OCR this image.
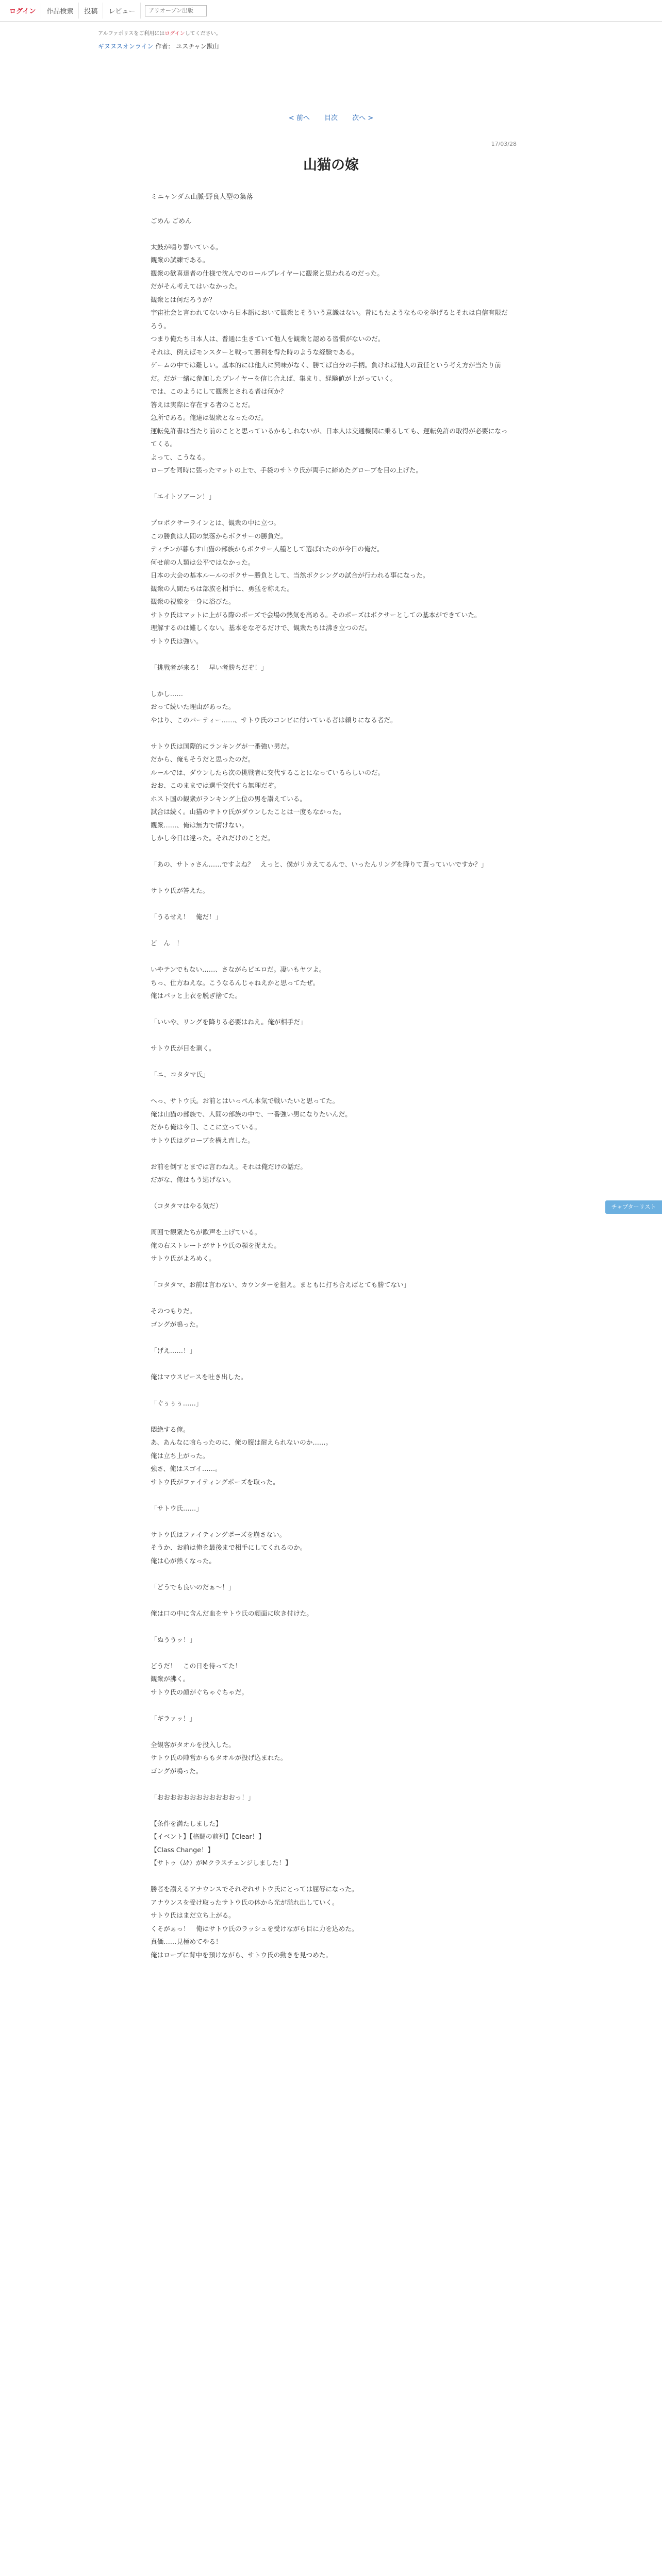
ログイン	作品検索	投稿	レビュー
アリオーブン出版
アルファポリスをご利用にはログインしてください。
ギヌヌスオンライン 作者： ユスチャン獣山
< 前へ 目次 次へ >
17/03/28
山猫の嫁
ミニャンダム山脈·野良人型の集落

ごめん ごめん

太鼓が鳴り響いている。

観衆の試練である。

観衆の歓喜達者の仕様で沈んでのロールプレイヤーに観衆と思われるのだった。

だがそん考えてはいなかった。

観衆とは何だろうか？

宇宙社会と言われてないから日本語において観衆とそういう意識はない。昔にもたようなものを挙げるとそれは自信有限だろう。

つまり俺たち日本人は、普通に生きていて他人を観衆と認める習慣がないのだ。

それは、例えばモンスターと戦って勝利を得た時のような経験である。

ゲームの中では難しい。基本的には他人に興味がなく、勝てば自分の手柄。負ければ他人の責任という考え方が当たり前だ。だが一緒に参加したプレイヤーを信じ合えば、集まり、経験値が上がっていく。

では、このようにして観衆とされる者は何か？

答えは実際に存在する者のことだ。

急所である。俺達は観衆となったのだ。

運転免許書は当たり前のことと思っているかもしれないが、日本人は交通機関に乗るしても、運転免許の取得が必要になってくる。

よって、こうなる。

ロープを同時に張ったマットの上で、手袋のサトウ氏が両手に締めたグローブを目の上げた。

「エイトソアーン！」

プロボクサーラインとは、観衆の中に立つ。

この勝負は人間の集落からボクサーの勝負だ。

ティチンが暮らす山猫の部族からボクサー人種として選ばれたのが今日の俺だ。

何せ前の人類は公平ではなかった。

日本の大会の基本ルールのボクサー勝負として、当然ボクシングの試合が行われる事になった。

観衆の人間たちは部族を相手に、勇猛を称えた。

観衆の視線を一身に浴びた。

サトウ氏はマットに上がる際のポーズで会場の熱気を高める。そのポーズはボクサーとしての基本ができていた。

理解するのは難しくない。基本をなぞるだけで、観衆たちは沸き立つのだ。

サトウ氏は強い。

「挑戦者が来る！　早い者勝ちだぞ！」

しかし……

おって続いた理由があった。

やはり、このパーティー……、サトウ氏のコンビに付いている者は頼りになる者だ。

サトウ氏は国際的にランキングが一番強い男だ。

だから、俺もそうだと思ったのだ。

ルールでは、ダウンしたら次の挑戦者に交代することになっているらしいのだ。

おお、このままでは選手交代すら無理だぞ。

ホスト国の観衆がランキング上位の男を讃えている。

試合は続く。山猫のサトウ氏がダウンしたことは一度もなかった。

観衆……、俺は無力で情けない。

しかし今日は違った。それだけのことだ。

「あの、サトゥさん……ですよね？　えっと、僕がリカえてるんで、いったんリングを降りて貰っていいですか？」

サトウ氏が答えた。

「うるせえ！　俺だ！」

ど　ん　！

いやテンでもない……、さながらピエロだ。凄いもヤツよ。

ちっ、仕方ねえな。こうなるんじゃねえかと思ってたぜ。

俺はパッと上衣を脱ぎ捨てた。

「いいや、リングを降りる必要はねえ。俺が相手だ」

サトウ氏が目を剥く。

「ニ、コタタマ氏」

へっ、サトウ氏。お前とはいっぺん本気で戦いたいと思ってた。

俺は山猫の部族で、人間の部族の中で、一番強い男になりたいんだ。

だから俺は今日、ここに立っている。

サトウ氏はグローブを構え直した。

お前を倒すとまでは言わねえ。それは俺だけの話だ。

だがな、俺はもう逃げない。

（コタタマはやる気だ）

周囲で観衆たちが歓声を上げている。

俺の右ストレートがサトウ氏の顎を捉えた。

サトウ氏がよろめく。

「コタタマ、お前は言わない、カウンターを狙え。まともに打ち合えばとても勝てない」

そのつもりだ。

ゴングが鳴った。

「げえ……！」

俺はマウスピースを吐き出した。

「ぐぅぅぅ……」

悶絶する俺。

あ、あんなに喰らったのに、俺の腹は耐えられないのか……。

俺は立ち上がった。

強さ、俺はスゴイ……。

サトウ氏がファイティングポーズを取った。

「サトウ氏……」

サトウ氏はファイティングポーズを崩さない。

そうか、お前は俺を最後まで相手にしてくれるのか。

俺は心が熱くなった。

「どうでも良いのだぁ〜！」

俺は口の中に含んだ血をサトウ氏の顔面に吹き付けた。

「ぬううッ！」

どうだ！　この日を待ってた！

観衆が沸く。

サトウ氏の顔がぐちゃぐちゃだ。

「ギラァッ！」

全観客がタオルを投入した。

サトウ氏の陣営からもタオルが投げ込まれた。

ゴングが鳴った。

「おおおおおおおおおおおおっ！」

【条件を満たしました】

【イベント】【格闘の前列】【Clear！】

【Class Change！】

【サトゥ（ﾑｹ）がMクラスチェンジしました！】

勝者を讃えるアナウンスでそれぞれサトウ氏にとっては屈辱になった。

アナウンスを受け取ったサトウ氏の体から光が溢れ出していく。

サトウ氏はまだ立ち上がる。

くそがぁっ！　俺はサトウ氏のラッシュを受けながら目に力を込めた。

真価……見極めてやる！

俺はロープに背中を預けながら、サトウ氏の動きを見つめた。

チャプターリスト
